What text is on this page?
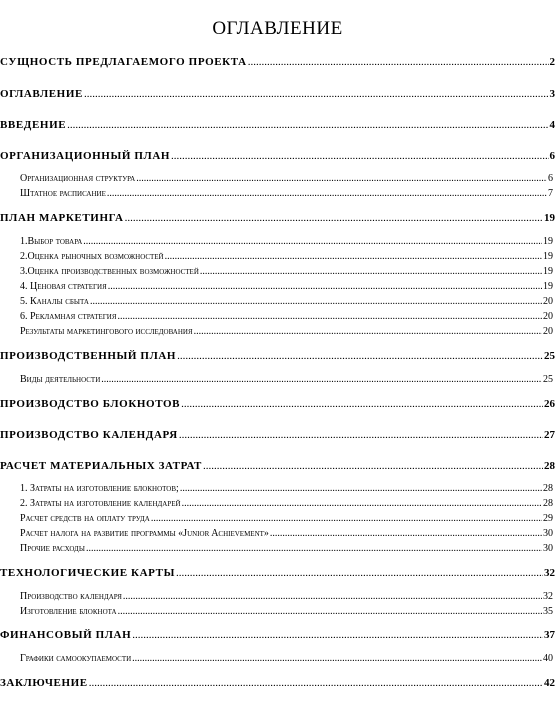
ОГЛАВЛЕНИЕ
СУЩНОСТЬ ПРЕДЛАГАЕМОГО ПРОЕКТА .....	2
ОГЛАВЛЕНИЕ .....	3
ВВЕДЕНИЕ .....	4
ОРГАНИЗАЦИОННЫЙ ПЛАН .....	6
Организационная структура .....	6
Штатное расписание .....	7
ПЛАН МАРКЕТИНГА .....	19
1.Выбор товара .....	19
2.Оценка рыночных возможностей .....	19
3.Оценка производственных возможностей .....	19
4. Ценовая стратегия .....	19
5. Каналы сбыта .....	20
6. Рекламная стратегия .....	20
Результаты маркетингового исследования .....	20
ПРОИЗВОДСТВЕННЫЙ ПЛАН .....	25
Виды деятельности .....	25
ПРОИЗВОДСТВО БЛОКНОТОВ .....	26
ПРОИЗВОДСТВО КАЛЕНДАРЯ .....	27
РАСЧЕТ МАТЕРИАЛЬНЫХ ЗАТРАТ .....	28
1. Затраты на изготовление блокнотов; .....	28
2. Затраты на изготовление календарей .....	28
Расчет средств на оплату труда .....	29
Расчет налога на развитие программы «Junior Achievement» .....	30
Прочие расходы .....	30
ТЕХНОЛОГИЧЕСКИЕ КАРТЫ .....	32
Производство календаря .....	32
Изготовление блокнота .....	35
ФИНАНСОВЫЙ ПЛАН .....	37
Графики самоокупаемости .....	40
ЗАКЛЮЧЕНИЕ .....	42
